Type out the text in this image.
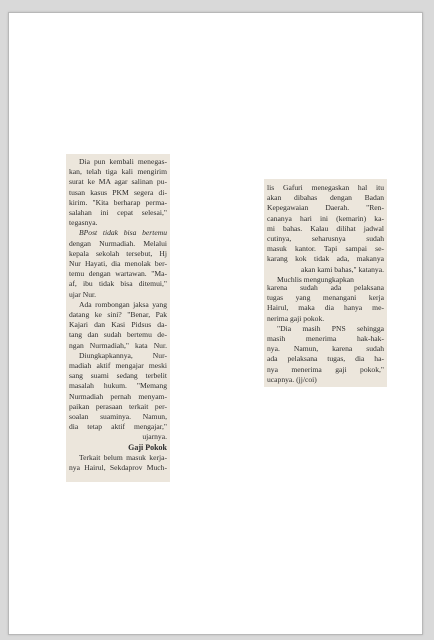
Dia pun kembali menegas-
kan, telah tiga kali mengirim
surat ke MA agar salinan pu-
tusan kasus PKM segera di-
kirim. "Kita berharap perma-
salahan ini cepat selesai,"
tegasnya.
BPost tidak bisa bertemu
dengan Nurmadiah. Melalui
kepala sekolah tersebut, Hj
Nur Hayati, dia menolak ber-
temu dengan wartawan. "Ma-
af, ibu tidak bisa ditemui,"
ujar Nur.
Ada rombongan jaksa yang
datang ke sini? "Benar, Pak
Kajari dan Kasi Pidsus da-
tang dan sudah bertemu de-
ngan Nurmadiah," kata Nur.
Diungkapkannya, Nur-
madiah aktif mengajar meski
sang suami sedang terbelit
masalah hukum. "Memang
Nurmadiah pernah menyam-
paikan perasaan terkait per-
soalan suaminya. Namun,
dia tetap aktif mengajar,"
ujarnya.
Gaji Pokok
Terkait belum masuk kerja-
nya Hairul, Sekdaprov Much-
lis Gafuri menegaskan hal itu
akan dibahas dengan Badan
Kepegawaian Daerah. "Ren-
cananya hari ini (kemarin) ka-
mi bahas. Kalau dilihat jadwal
cutinya, seharusnya sudah
masuk kantor. Tapi sampai se-
karang kok tidak ada, makanya
akan kami bahas," katanya.
Muchlis mengungkapkan
karena sudah ada pelaksana
tugas yang menangani kerja
Hairul, maka dia hanya me-
nerima gaji pokok.
"Dia masih PNS sehingga
masih menerima hak-hak-
nya. Namun, karena sudah
ada pelaksana tugas, dia ha-
nya menerima gaji pokok,"
ucapnya. (jj/coi)
